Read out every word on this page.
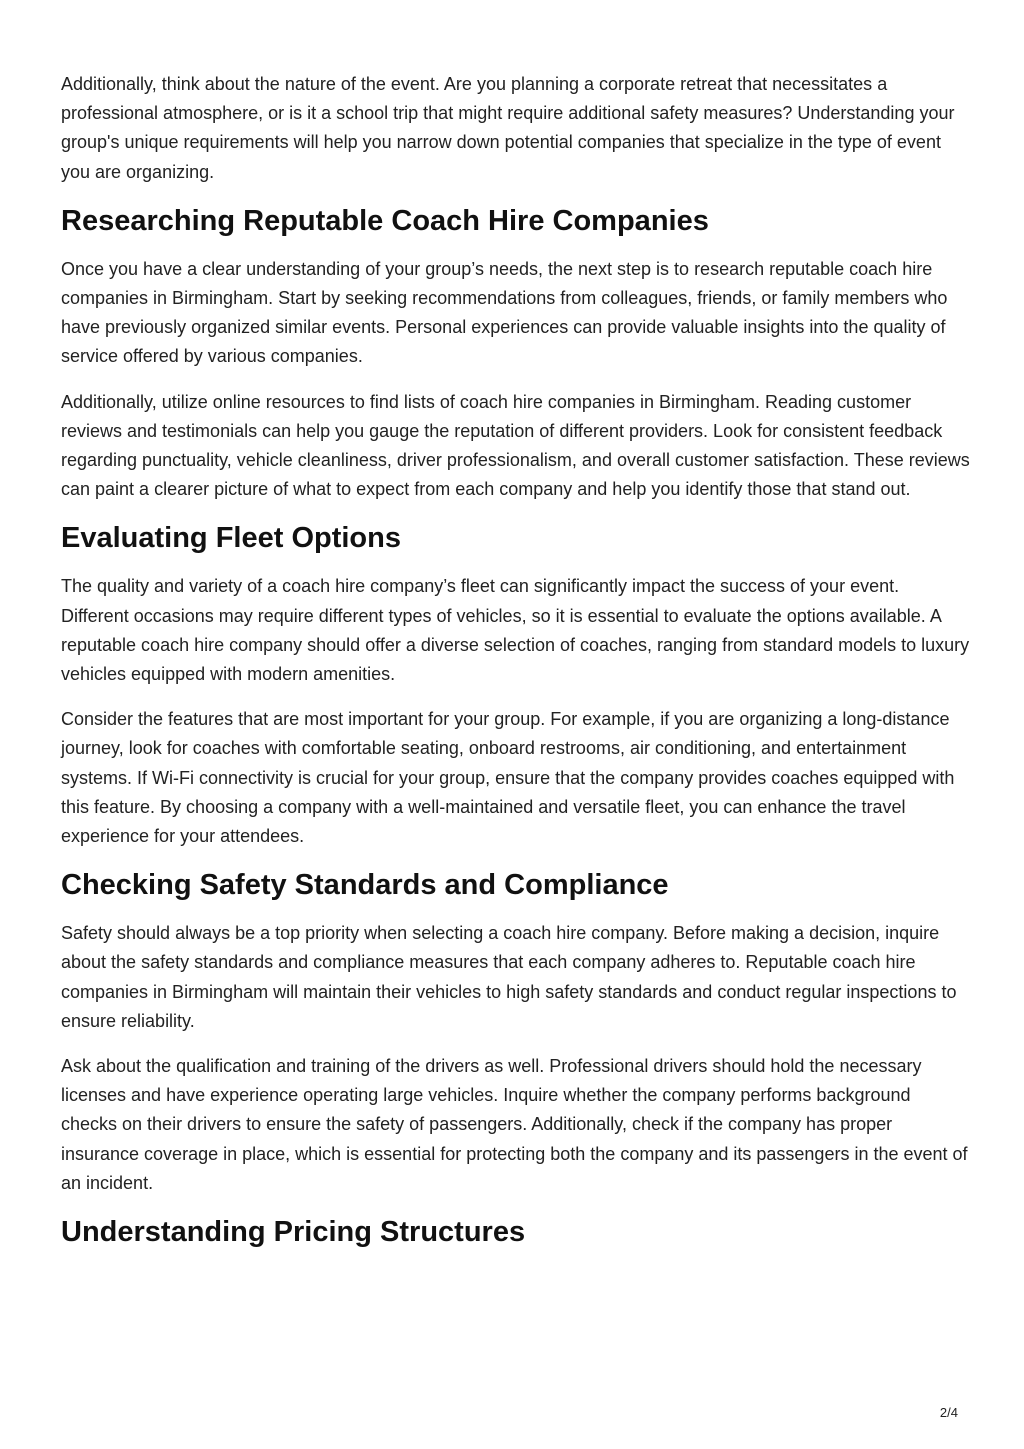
Additionally, think about the nature of the event. Are you planning a corporate retreat that necessitates a professional atmosphere, or is it a school trip that might require additional safety measures? Understanding your group's unique requirements will help you narrow down potential companies that specialize in the type of event you are organizing.

Researching Reputable Coach Hire Companies

Once you have a clear understanding of your group’s needs, the next step is to research reputable coach hire companies in Birmingham. Start by seeking recommendations from colleagues, friends, or family members who have previously organized similar events. Personal experiences can provide valuable insights into the quality of service offered by various companies.

Additionally, utilize online resources to find lists of coach hire companies in Birmingham. Reading customer reviews and testimonials can help you gauge the reputation of different providers. Look for consistent feedback regarding punctuality, vehicle cleanliness, driver professionalism, and overall customer satisfaction. These reviews can paint a clearer picture of what to expect from each company and help you identify those that stand out.

Evaluating Fleet Options

The quality and variety of a coach hire company’s fleet can significantly impact the success of your event. Different occasions may require different types of vehicles, so it is essential to evaluate the options available. A reputable coach hire company should offer a diverse selection of coaches, ranging from standard models to luxury vehicles equipped with modern amenities.

Consider the features that are most important for your group. For example, if you are organizing a long-distance journey, look for coaches with comfortable seating, onboard restrooms, air conditioning, and entertainment systems. If Wi-Fi connectivity is crucial for your group, ensure that the company provides coaches equipped with this feature. By choosing a company with a well-maintained and versatile fleet, you can enhance the travel experience for your attendees.

Checking Safety Standards and Compliance

Safety should always be a top priority when selecting a coach hire company. Before making a decision, inquire about the safety standards and compliance measures that each company adheres to. Reputable coach hire companies in Birmingham will maintain their vehicles to high safety standards and conduct regular inspections to ensure reliability.

Ask about the qualification and training of the drivers as well. Professional drivers should hold the necessary licenses and have experience operating large vehicles. Inquire whether the company performs background checks on their drivers to ensure the safety of passengers. Additionally, check if the company has proper insurance coverage in place, which is essential for protecting both the company and its passengers in the event of an incident.

Understanding Pricing Structures
2/4
